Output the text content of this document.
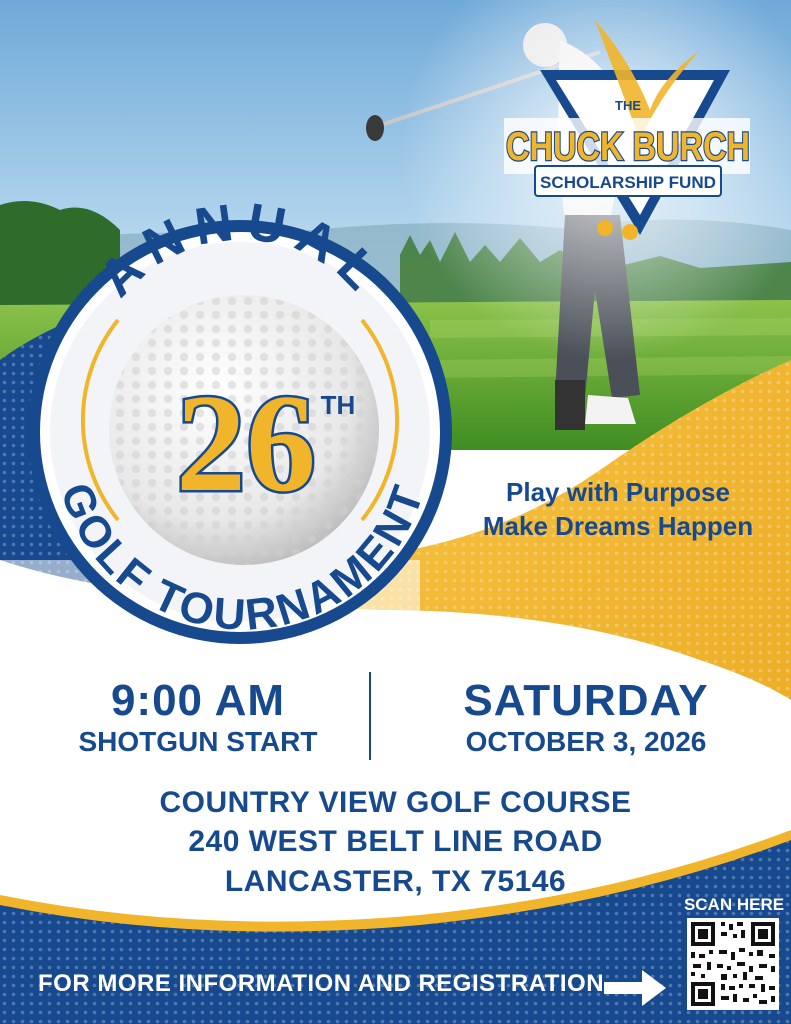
ANNUAL
GOLF TOURNAMENT
26 TH
THE
CHUCK BURCH
SCHOLARSHIP FUND
Play with Purpose
Make Dreams Happen
9:00 AM
SHOTGUN START
SATURDAY
OCTOBER 3, 2026
COUNTRY VIEW GOLF COURSE
240 WEST BELT LINE ROAD
LANCASTER, TX 75146
FOR MORE INFORMATION AND REGISTRATION
SCAN HERE
